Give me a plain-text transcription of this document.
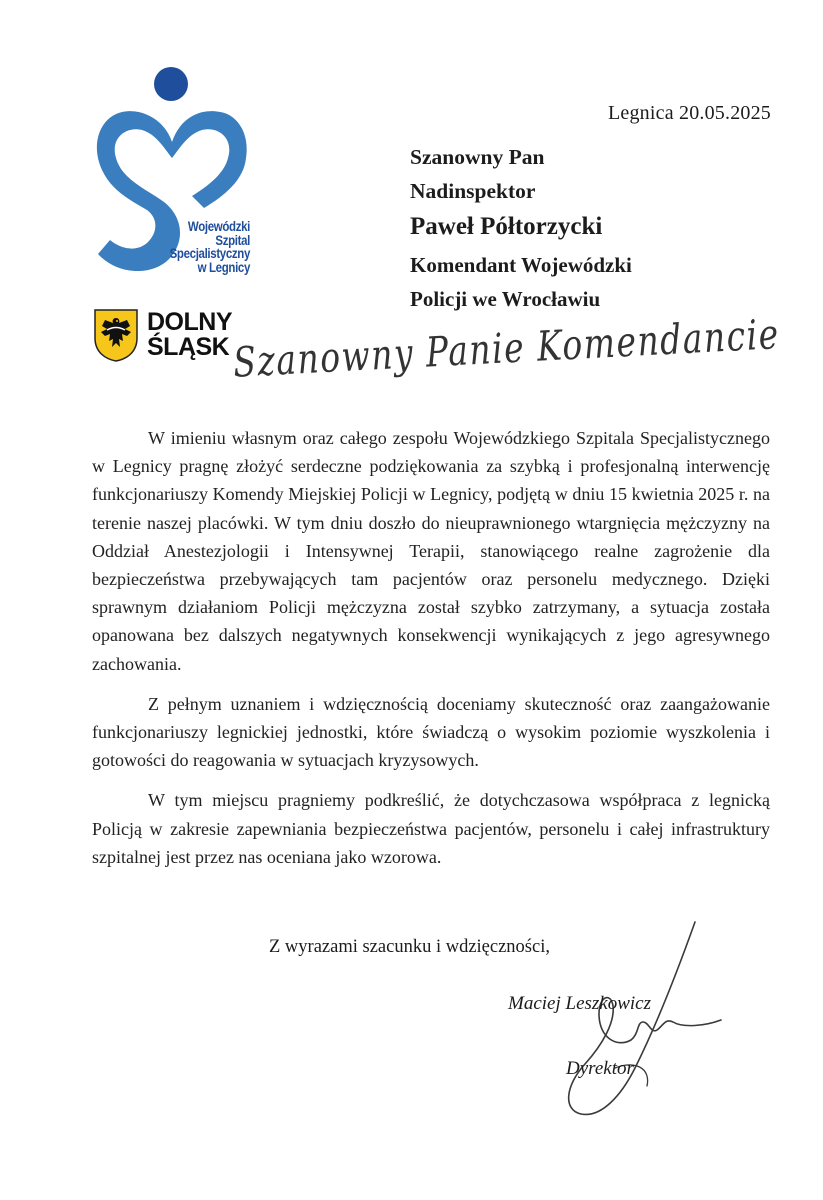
Wojewódzki
Szpital
Specjalistyczny
w Legnicy
DOLNY
ŚLĄSK
Legnica 20.05.2025
Szanowny Pan
Nadinspektor
Paweł Półtorzycki
Komendant Wojewódzki
Policji we Wrocławiu
Szanowny Panie Komendancie

W imieniu własnym oraz całego zespołu Wojewódzkiego Szpitala Specjalistycznego w Legnicy pragnę złożyć serdeczne podziękowania za szybką i profesjonalną interwencję funkcjonariuszy Komendy Miejskiej Policji w Legnicy, podjętą w dniu 15 kwietnia 2025 r. na terenie naszej placówki. W tym dniu doszło do nieuprawnionego wtargnięcia mężczyzny na Oddział Anestezjologii i Intensywnej Terapii, stanowiącego realne zagrożenie dla bezpieczeństwa przebywających tam pacjentów oraz personelu medycznego. Dzięki sprawnym działaniom Policji mężczyzna został szybko zatrzymany, a sytuacja została opanowana bez dalszych negatywnych konsekwencji wynikających z jego agresywnego zachowania.

Z pełnym uznaniem i wdzięcznością doceniamy skuteczność oraz zaangażowanie funkcjonariuszy legnickiej jednostki, które świadczą o wysokim poziomie wyszkolenia i gotowości do reagowania w sytuacjach kryzysowych.

W tym miejscu pragniemy podkreślić, że dotychczasowa współpraca z legnicką Policją w zakresie zapewniania bezpieczeństwa pacjentów, personelu i całej infrastruktury szpitalnej jest przez nas oceniana jako wzorowa.

Z wyrazami szacunku i wdzięczności,
Maciej Leszkowicz
Dyrektor
